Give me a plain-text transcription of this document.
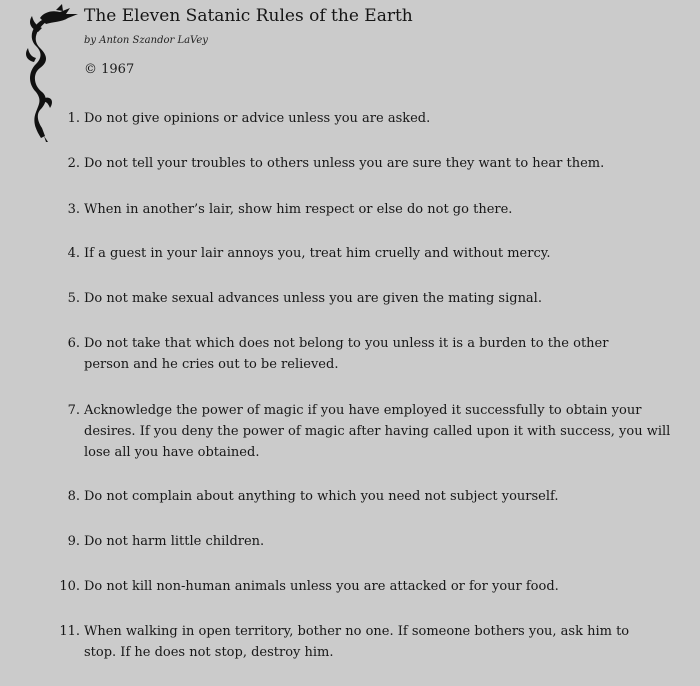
The Eleven Satanic Rules of the Earth
by Anton Szandor LaVey
© 1967
1. Do not give opinions or advice unless you are asked.
2. Do not tell your troubles to others unless you are sure they want to hear them.
3. When in another’s lair, show him respect or else do not go there.
4. If a guest in your lair annoys you, treat him cruelly and without mercy.
5. Do not make sexual advances unless you are given the mating signal.
6. Do not take that which does not belong to you unless it is a burden to the other person and he cries out to be relieved.
7. Acknowledge the power of magic if you have employed it successfully to obtain your desires. If you deny the power of magic after having called upon it with success, you will lose all you have obtained.
8. Do not complain about anything to which you need not subject yourself.
9. Do not harm little children.
10. Do not kill non-human animals unless you are attacked or for your food.
11. When walking in open territory, bother no one. If someone bothers you, ask him to stop. If he does not stop, destroy him.
